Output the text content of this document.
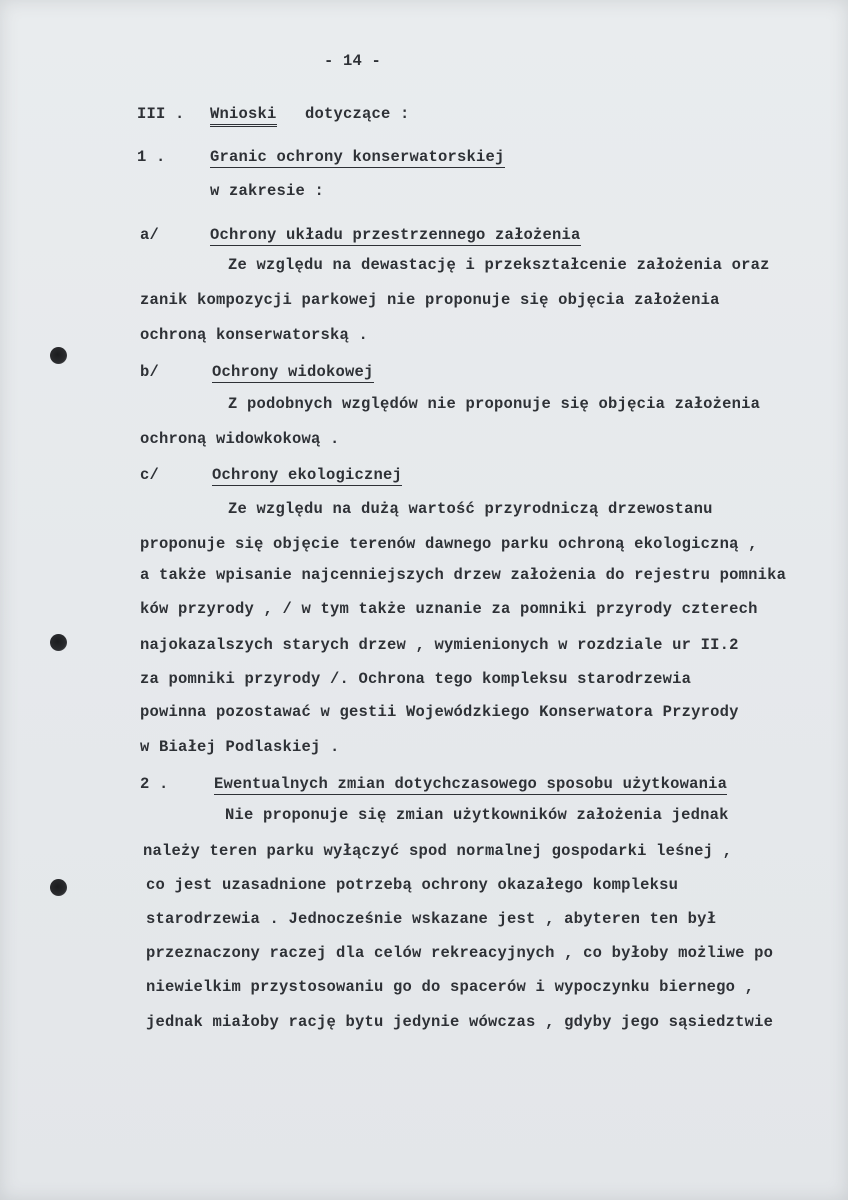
- 14 -
III . Wnioski dotyczące :
1 .	Granic ochrony konserwatorskiej
w zakresie :
a/	Ochrony układu przestrzennego założenia
Ze względu na dewastację i przekształcenie założenia oraz
zanik kompozycji parkowej nie proponuje się objęcia założenia
ochroną konserwatorską .
b/	Ochrony widokowej
Z podobnych względów nie proponuje się objęcia założenia
ochroną widowkokową .
c/	Ochrony ekologicznej
Ze względu na dużą wartość przyrodniczą drzewostanu
proponuje się objęcie terenów dawnego parku ochroną ekologiczną ,
a także wpisanie najcenniejszych drzew założenia do rejestru pomnika
ków przyrody , / w tym także uznanie za pomniki przyrody czterech
najokazalszych starych drzew , wymienionych w rozdziale ur II.2
za pomniki przyrody /. Ochrona tego kompleksu starodrzewia
powinna pozostawać w gestii Wojewódzkiego Konserwatora Przyrody
w Białej Podlaskiej .
2 .	Ewentualnych zmian dotychczasowego sposobu użytkowania
Nie proponuje się zmian użytkowników założenia jednak
należy teren parku wyłączyć spod normalnej gospodarki leśnej ,
co jest uzasadnione potrzebą ochrony okazałego kompleksu
starodrzewia . Jednocześnie wskazane jest , abyteren ten był
przeznaczony raczej dla celów rekreacyjnych , co byłoby możliwe po
niewielkim przystosowaniu go do spacerów i wypoczynku biernego ,
jednak miałoby rację bytu jedynie wówczas , gdyby jego sąsiedztwie
